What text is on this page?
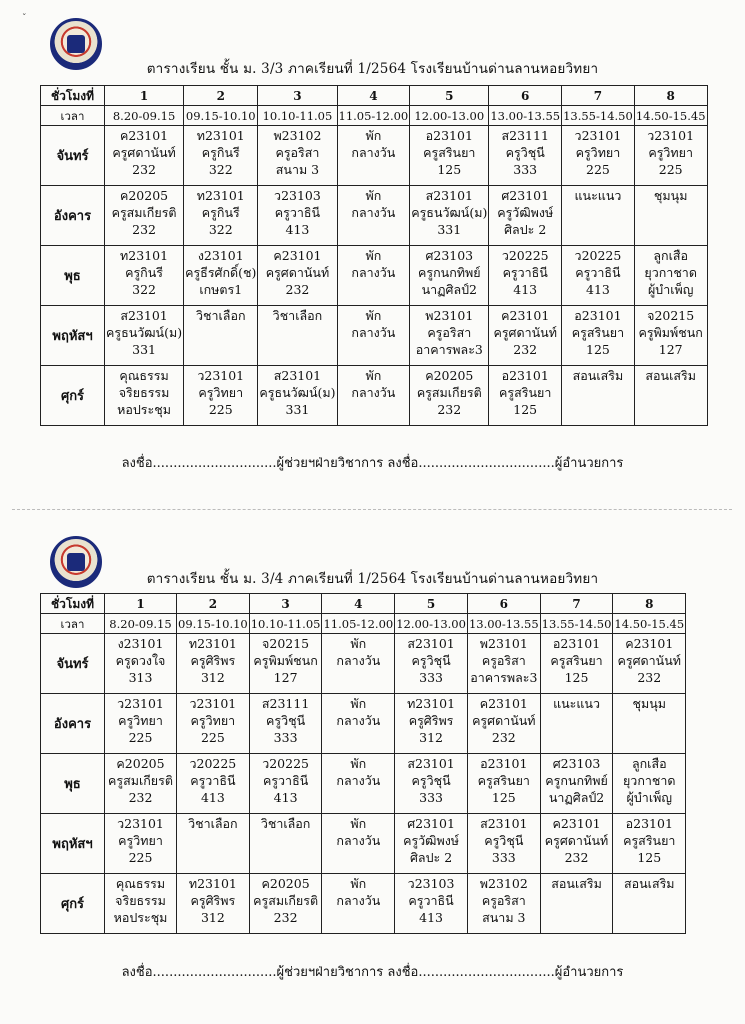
ˇ
ตารางเรียน ชั้น ม. 3/3 ภาคเรียนที่ 1/2564 โรงเรียนบ้านด่านลานหอยวิทยา
ชั่วโมงที่	1	2	3	4	5	6	7	8
เวลา	8.20-09.15	09.15-10.10	10.10-11.05	11.05-12.00	12.00-13.00	13.00-13.55	13.55-14.50	14.50-15.45
จันทร์	ค23101
ครูศดานันท์
232	ท23101
ครูกินรี
322	พ23102
ครูอริสา
สนาม 3	พัก
กลางวัน	อ23101
ครูสรินยา
125	ส23111
ครูวิชุนี
333	ว23101
ครูวิทยา
225	ว23101
ครูวิทยา
225

อังคาร	ค20205
ครูสมเกียรติ
232	ท23101
ครูกินรี
322	ว23103
ครูวาธินี
413	พัก
กลางวัน	ส23101
ครูธนวัฒน์(ม)
331	ศ23101
ครูวัฒิพงษ์
ศิลปะ 2	แนะแนว	ชุมนุม

พุธ	ท23101
ครูกินรี
322	ง23101
ครูธีรศักดิ์(ช)
เกษตร1	ค23101
ครูศดานันท์
232	พัก
กลางวัน	ศ23103
ครูกนกทิพย์
นาฏศิลป์2	ว20225
ครูวาธินี
413	ว20225
ครูวาธินี
413	ลูกเสือ
ยุวกาชาด
ผู้บำเพ็ญ

พฤหัสฯ	ส23101
ครูธนวัฒน์(ม)
331	วิชาเลือก	วิชาเลือก	พัก
กลางวัน	พ23101
ครูอริสา
อาคารพละ3	ค23101
ครูศดานันท์
232	อ23101
ครูสรินยา
125	จ20215
ครูพิมพ์ชนก
127

ศุกร์	คุณธรรม
จริยธรรม
หอประชุม	ว23101
ครูวิทยา
225	ส23101
ครูธนวัฒน์(ม)
331	พัก
กลางวัน	ค20205
ครูสมเกียรติ
232	อ23101
ครูสรินยา
125	สอนเสริม	สอนเสริม
ลงชื่อ..............................ผู้ช่วยฯฝ่ายวิชาการ ลงชื่อ.................................ผู้อำนวยการ
ตารางเรียน ชั้น ม. 3/4 ภาคเรียนที่ 1/2564 โรงเรียนบ้านด่านลานหอยวิทยา
ชั่วโมงที่	1	2	3	4	5	6	7	8
เวลา	8.20-09.15	09.15-10.10	10.10-11.05	11.05-12.00	12.00-13.00	13.00-13.55	13.55-14.50	14.50-15.45
จันทร์	ง23101
ครูดวงใจ
313	ท23101
ครูศิริพร
312	จ20215
ครูพิมพ์ชนก
127	พัก
กลางวัน	ส23101
ครูวิชุนี
333	พ23101
ครูอริสา
อาคารพละ3	อ23101
ครูสรินยา
125	ค23101
ครูศดานันท์
232

อังคาร	ว23101
ครูวิทยา
225	ว23101
ครูวิทยา
225	ส23111
ครูวิชุนี
333	พัก
กลางวัน	ท23101
ครูศิริพร
312	ค23101
ครูศดานันท์
232	แนะแนว	ชุมนุม

พุธ	ค20205
ครูสมเกียรติ
232	ว20225
ครูวาธินี
413	ว20225
ครูวาธินี
413	พัก
กลางวัน	ส23101
ครูวิชุนี
333	อ23101
ครูสรินยา
125	ศ23103
ครูกนกทิพย์
นาฏศิลป์2	ลูกเสือ
ยุวกาชาด
ผู้บำเพ็ญ

พฤหัสฯ	ว23101
ครูวิทยา
225	วิชาเลือก	วิชาเลือก	พัก
กลางวัน	ศ23101
ครูวัฒิพงษ์
ศิลปะ 2	ส23101
ครูวิชุนี
333	ค23101
ครูศดานันท์
232	อ23101
ครูสรินยา
125

ศุกร์	คุณธรรม
จริยธรรม
หอประชุม	ท23101
ครูศิริพร
312	ค20205
ครูสมเกียรติ
232	พัก
กลางวัน	ว23103
ครูวาธินี
413	พ23102
ครูอริสา
สนาม 3	สอนเสริม	สอนเสริม
ลงชื่อ..............................ผู้ช่วยฯฝ่ายวิชาการ ลงชื่อ.................................ผู้อำนวยการ
